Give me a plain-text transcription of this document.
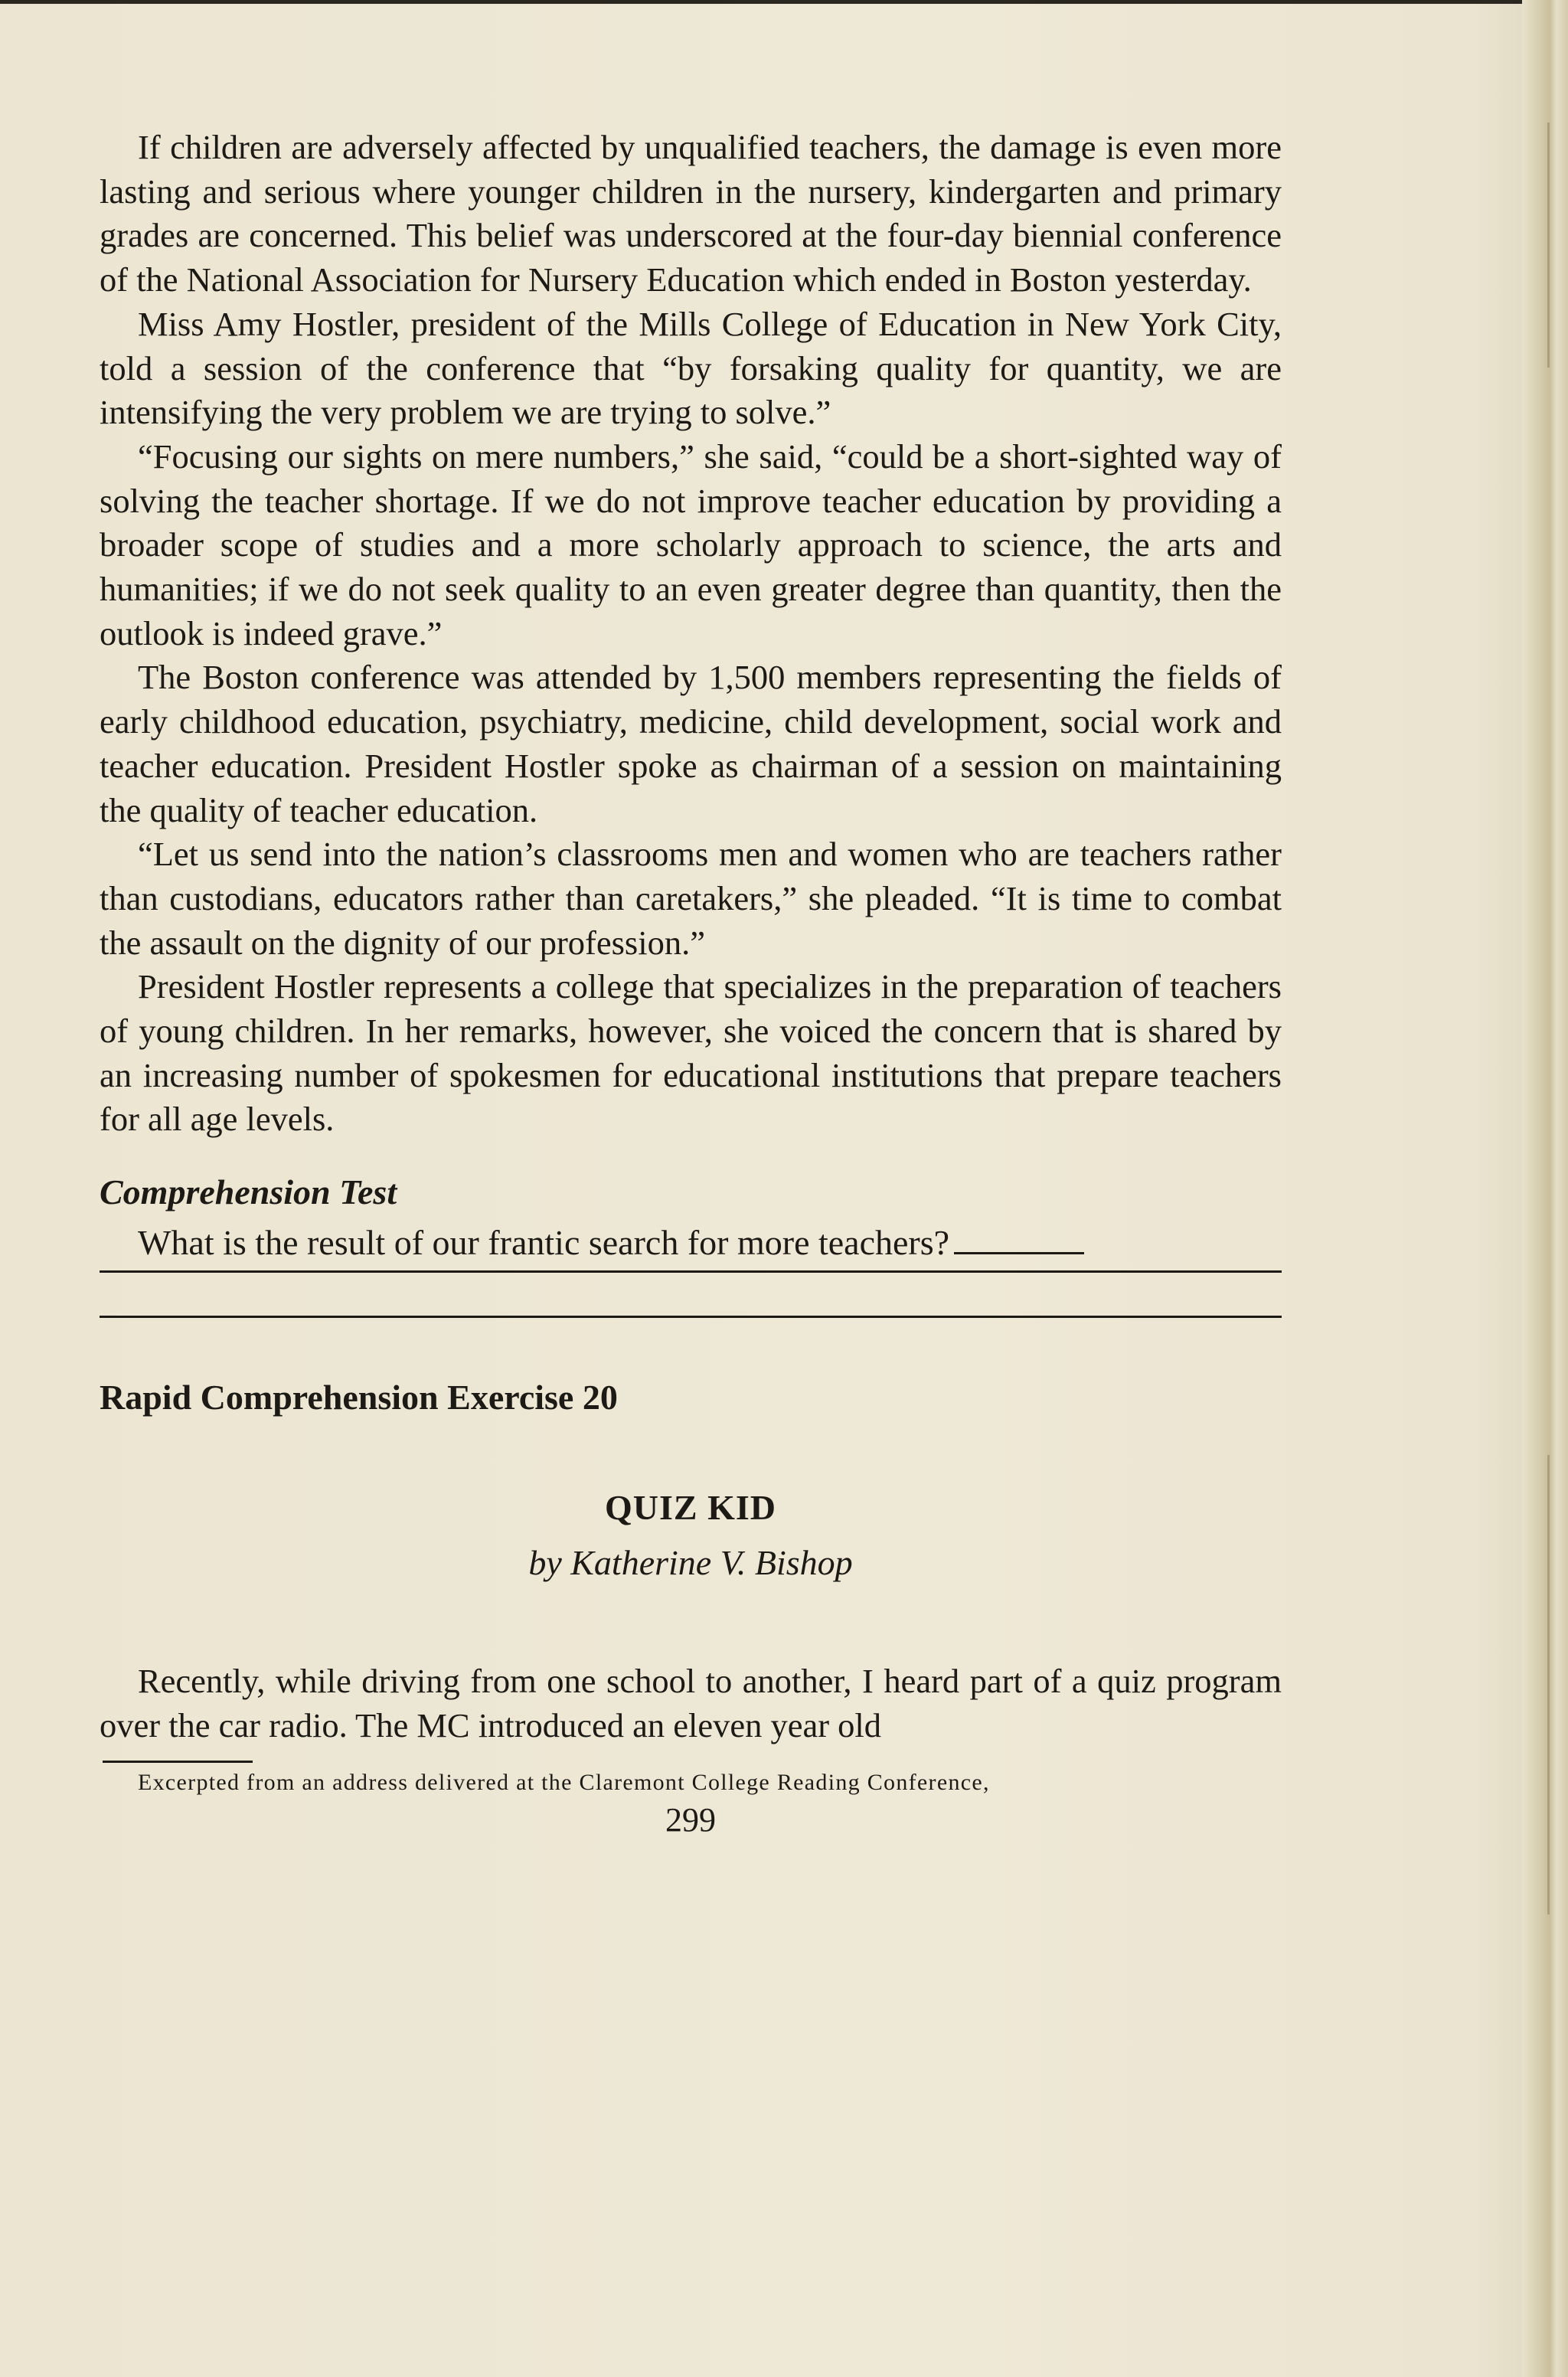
If children are adversely affected by unqualified teachers, the damage is even more lasting and serious where younger children in the nursery, kindergarten and primary grades are concerned. This belief was underscored at the four-day biennial conference of the National Association for Nursery Education which ended in Boston yesterday.

Miss Amy Hostler, president of the Mills College of Education in New York City, told a session of the conference that “by forsaking quality for quantity, we are intensifying the very problem we are trying to solve.”

“Focusing our sights on mere numbers,” she said, “could be a short-sighted way of solving the teacher shortage. If we do not improve teacher education by providing a broader scope of studies and a more scholarly approach to science, the arts and humanities; if we do not seek quality to an even greater degree than quantity, then the outlook is indeed grave.”

The Boston conference was attended by 1,500 members representing the fields of early childhood education, psychiatry, medicine, child development, social work and teacher education. President Hostler spoke as chairman of a session on maintaining the quality of teacher education.

“Let us send into the nation’s classrooms men and women who are teachers rather than custodians, educators rather than caretakers,” she pleaded. “It is time to combat the assault on the dignity of our profession.”

President Hostler represents a college that specializes in the preparation of teachers of young children. In her remarks, however, she voiced the concern that is shared by an increasing number of spokesmen for educational institutions that prepare teachers for all age levels.

Comprehension Test

What is the result of our frantic search for more teachers?

Rapid Comprehension Exercise 20
QUIZ KID

by Katherine V. Bishop

Recently, while driving from one school to another, I heard part of a quiz program over the car radio. The MC introduced an eleven year old

Excerpted from an address delivered at the Claremont College Reading Conference,

299
